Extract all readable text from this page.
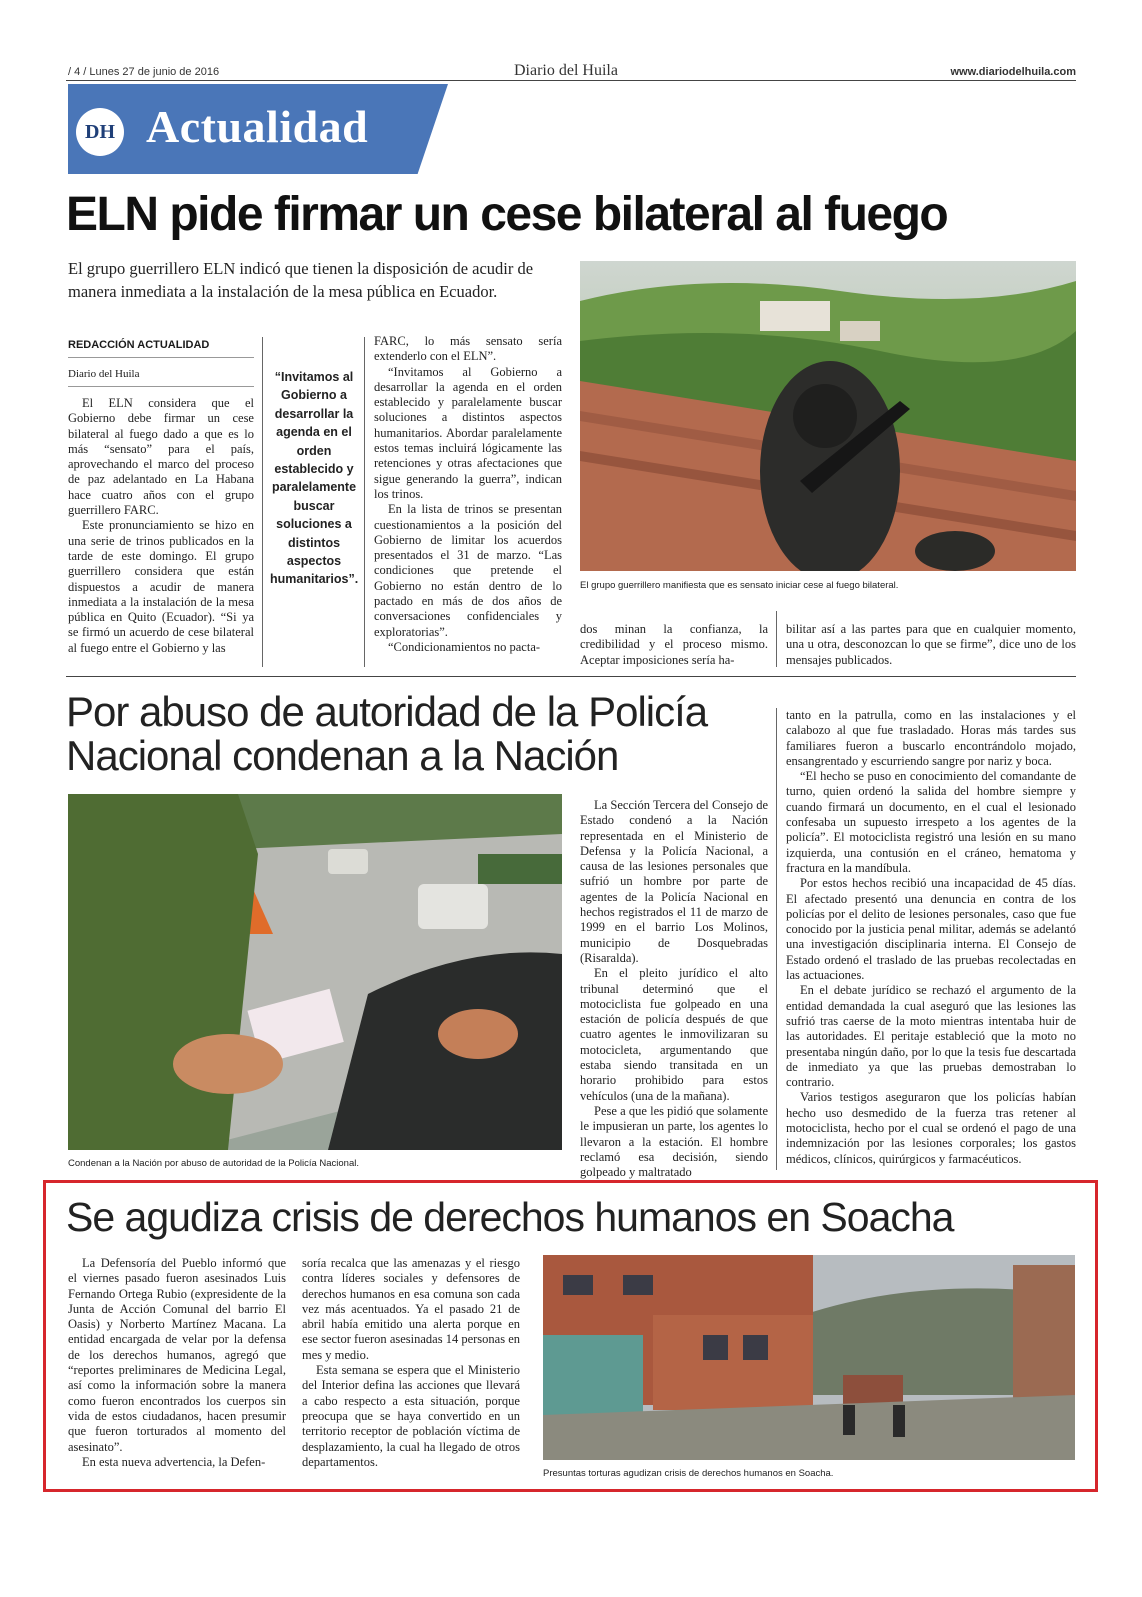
/ 4 / Lunes 27 de junio de 2016	Diario del Huila	www.diariodelhuila.com
DH Actualidad
ELN pide firmar un cese bilateral al fuego
El grupo guerrillero ELN indicó que tienen la disposición de acudir de manera inmediata a la instalación de la mesa pública en Ecuador.
REDACCIÓN ACTUALIDAD
Diario del Huila

El ELN considera que el Gobierno debe firmar un cese bilateral al fuego dado a que es lo más “sensato” para el país, aprovechando el marco del proceso de paz adelantado en La Habana hace cuatro años con el grupo guerrillero FARC.

Este pronunciamiento se hizo en una serie de trinos publicados en la tarde de este domingo. El grupo guerrillero considera que están dispuestos a acudir de manera inmediata a la instalación de la mesa pública en Quito (Ecuador). “Si ya se firmó un acuerdo de cese bilateral al fuego entre el Gobierno y las

“Invitamos al Gobierno a desarrollar la agenda en el orden establecido y paralelamente buscar soluciones a distintos aspectos humanitarios”.

FARC, lo más sensato sería extenderlo con el ELN”.

“Invitamos al Gobierno a desarrollar la agenda en el orden establecido y paralelamente buscar soluciones a distintos aspectos humanitarios. Abordar paralelamente estos temas incluirá lógicamente las retenciones y otras afectaciones que sigue generando la guerra”, indican los trinos.

En la lista de trinos se presentan cuestionamientos a la posición del Gobierno de limitar los acuerdos presentados el 31 de marzo. “Las condiciones que pretende el Gobierno no están dentro de lo pactado en más de dos años de conversaciones confidenciales y exploratorias”.

“Condicionamientos no pacta-

El grupo guerrillero manifiesta que es sensato iniciar cese al fuego bilateral.

dos minan la confianza, la credibilidad y el proceso mismo. Aceptar imposiciones sería ha-

bilitar así a las partes para que en cualquier momento, una u otra, desconozcan lo que se firme”, dice uno de los mensajes publicados.

Por abuso de autoridad de la Policía Nacional condenan a la Nación
Condenan a la Nación por abuso de autoridad de la Policía Nacional.

La Sección Tercera del Consejo de Estado condenó a la Nación representada en el Ministerio de Defensa y la Policía Nacional, a causa de las lesiones personales que sufrió un hombre por parte de agentes de la Policía Nacional en hechos registrados el 11 de marzo de 1999 en el barrio Los Molinos, municipio de Dosquebradas (Risaralda).

En el pleito jurídico el alto tribunal determinó que el motociclista fue golpeado en una estación de policía después de que cuatro agentes le inmovilizaran su motocicleta, argumentando que estaba siendo transitada en un horario prohibido para estos vehículos (una de la mañana).

Pese a que les pidió que solamente le impusieran un parte, los agentes lo llevaron a la estación. El hombre reclamó esa decisión, siendo golpeado y maltratado

tanto en la patrulla, como en las instalaciones y el calabozo al que fue trasladado. Horas más tardes sus familiares fueron a buscarlo encontrándolo mojado, ensangrentado y escurriendo sangre por nariz y boca.

“El hecho se puso en conocimiento del comandante de turno, quien ordenó la salida del hombre siempre y cuando firmará un documento, en el cual el lesionado confesaba un supuesto irrespeto a los agentes de la policía”. El motociclista registró una lesión en su mano izquierda, una contusión en el cráneo, hematoma y fractura en la mandíbula.

Por estos hechos recibió una incapacidad de 45 días. El afectado presentó una denuncia en contra de los policías por el delito de lesiones personales, caso que fue conocido por la justicia penal militar, además se adelantó una investigación disciplinaria interna. El Consejo de Estado ordenó el traslado de las pruebas recolectadas en las actuaciones.

En el debate jurídico se rechazó el argumento de la entidad demandada la cual aseguró que las lesiones las sufrió tras caerse de la moto mientras intentaba huir de las autoridades. El peritaje estableció que la moto no presentaba ningún daño, por lo que la tesis fue descartada de inmediato ya que las pruebas demostraban lo contrario.

Varios testigos aseguraron que los policías habían hecho uso desmedido de la fuerza tras retener al motociclista, hecho por el cual se ordenó el pago de una indemnización por las lesiones corporales; los gastos médicos, clínicos, quirúrgicos y farmacéuticos.

Se agudiza crisis de derechos humanos en Soacha

La Defensoría del Pueblo informó que el viernes pasado fueron asesinados Luis Fernando Ortega Rubio (expresidente de la Junta de Acción Comunal del barrio El Oasis) y Norberto Martínez Macana. La entidad encargada de velar por la defensa de los derechos humanos, agregó que “reportes preliminares de Medicina Legal, así como la información sobre la manera como fueron encontrados los cuerpos sin vida de estos ciudadanos, hacen presumir que fueron torturados al momento del asesinato”.

En esta nueva advertencia, la Defen-

soría recalca que las amenazas y el riesgo contra líderes sociales y defensores de derechos humanos en esa comuna son cada vez más acentuados. Ya el pasado 21 de abril había emitido una alerta porque en ese sector fueron asesinadas 14 personas en mes y medio.

Esta semana se espera que el Ministerio del Interior defina las acciones que llevará a cabo respecto a esta situación, porque preocupa que se haya convertido en un territorio receptor de población víctima de desplazamiento, la cual ha llegado de otros departamentos.

Presuntas torturas agudizan crisis de derechos humanos en Soacha.
